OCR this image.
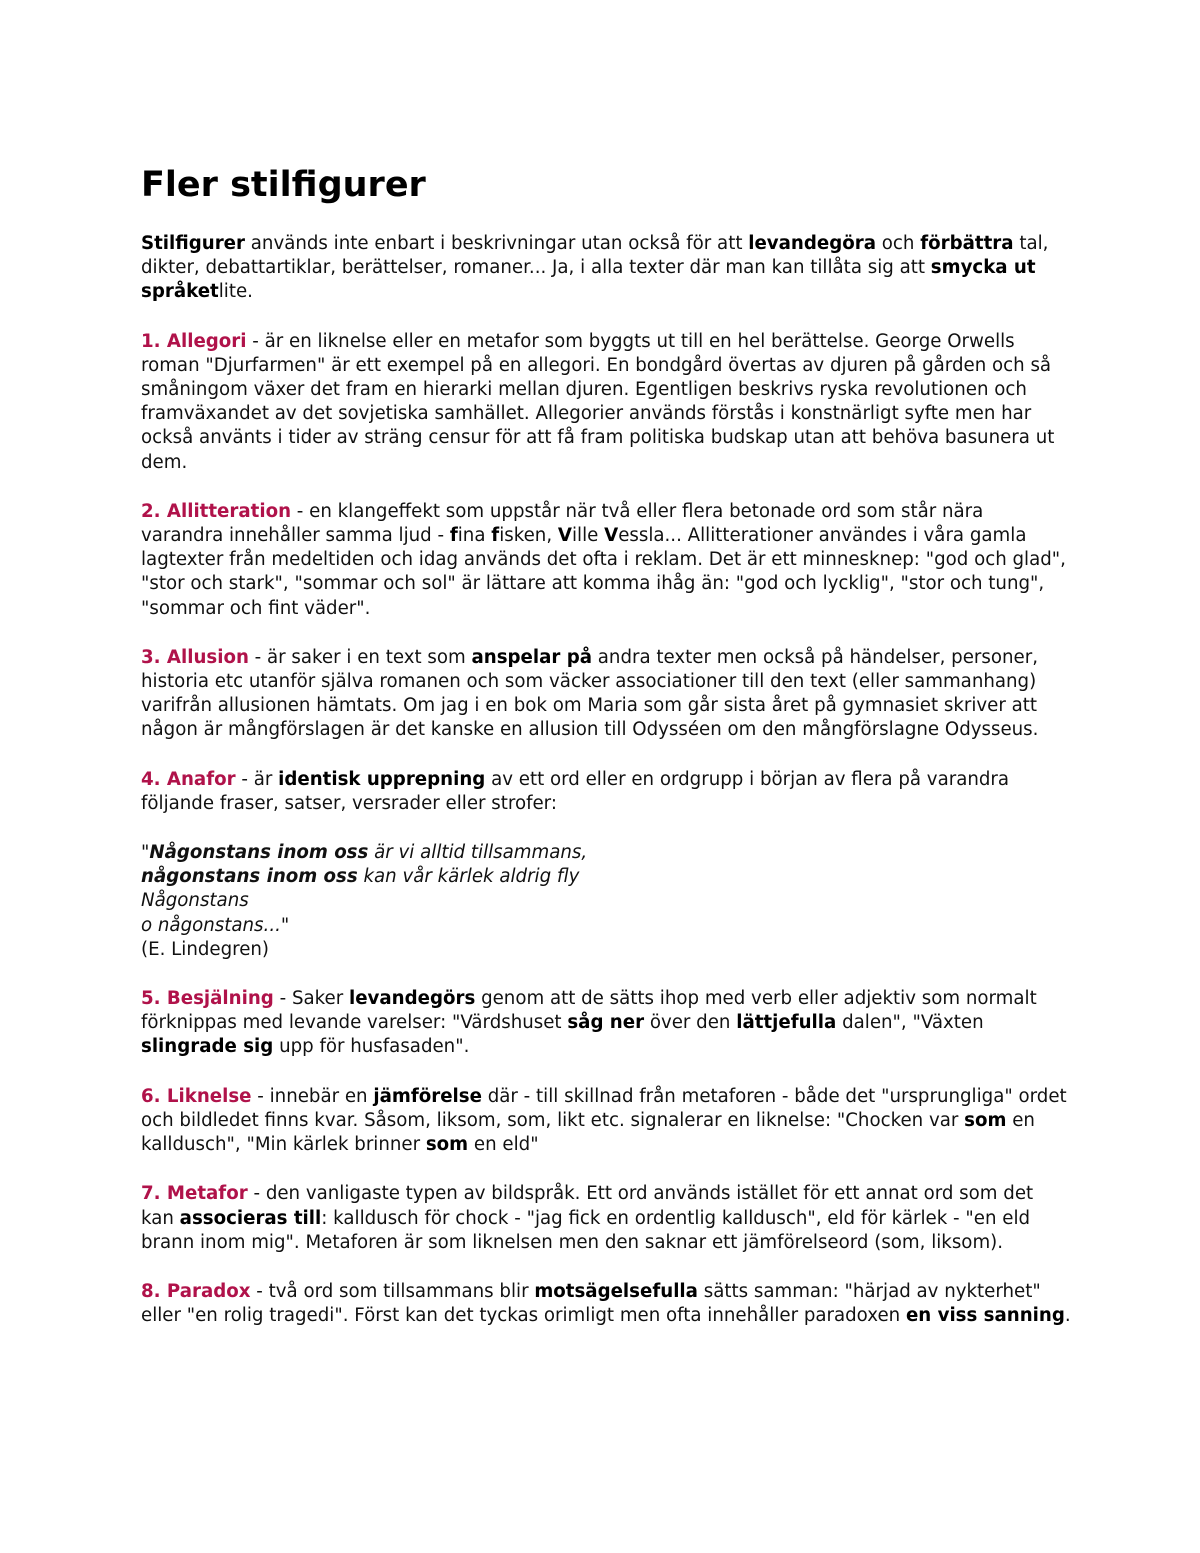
Fler stilfigurer

Stilfigurer används inte enbart i beskrivningar utan också för att levandegöra och förbättra tal, dikter, debattartiklar, berättelser, romaner... Ja, i alla texter där man kan tillåta sig att smycka ut språketlite.

1. Allegori - är en liknelse eller en metafor som byggts ut till en hel berättelse. George Orwells roman "Djurfarmen" är ett exempel på en allegori. En bondgård övertas av djuren på gården och så småningom växer det fram en hierarki mellan djuren. Egentligen beskrivs ryska revolutionen och framväxandet av det sovjetiska samhället. Allegorier används förstås i konstnärligt syfte men har också använts i tider av sträng censur för att få fram politiska budskap utan att behöva basunera ut dem.

2. Allitteration - en klangeffekt som uppstår när två eller flera betonade ord som står nära varandra innehåller samma ljud - fina fisken, Ville Vessla... Allitterationer användes i våra gamla lagtexter från medeltiden och idag används det ofta i reklam. Det är ett minnesknep: "god och glad", "stor och stark", "sommar och sol" är lättare att komma ihåg än: "god och lycklig", "stor och tung", "sommar och fint väder".

3. Allusion - är saker i en text som anspelar på andra texter men också på händelser, personer, historia etc utanför själva romanen och som väcker associationer till den text (eller sammanhang) varifrån allusionen hämtats. Om jag i en bok om Maria som går sista året på gymnasiet skriver att någon är mångförslagen är det kanske en allusion till Odysséen om den mångförslagne Odysseus.

4. Anafor - är identisk upprepning av ett ord eller en ordgrupp i början av flera på varandra följande fraser, satser, versrader eller strofer:

"Någonstans inom oss är vi alltid tillsammans,
någonstans inom oss kan vår kärlek aldrig fly
Någonstans
o någonstans..."
(E. Lindegren)

5. Besjälning - Saker levandegörs genom att de sätts ihop med verb eller adjektiv som normalt förknippas med levande varelser: "Värdshuset såg ner över den lättjefulla dalen", "Växten slingrade sig upp för husfasaden".

6. Liknelse - innebär en jämförelse där - till skillnad från metaforen - både det "ursprungliga" ordet och bildledet finns kvar. Såsom, liksom, som, likt etc. signalerar en liknelse: "Chocken var som en kalldusch", "Min kärlek brinner som en eld"

7. Metafor - den vanligaste typen av bildspråk. Ett ord används istället för ett annat ord som det kan associeras till: kalldusch för chock - "jag fick en ordentlig kalldusch", eld för kärlek - "en eld brann inom mig". Metaforen är som liknelsen men den saknar ett jämförelseord (som, liksom).

8. Paradox - två ord som tillsammans blir motsägelsefulla sätts samman: "härjad av nykterhet" eller "en rolig tragedi". Först kan det tyckas orimligt men ofta innehåller paradoxen en viss sanning.
